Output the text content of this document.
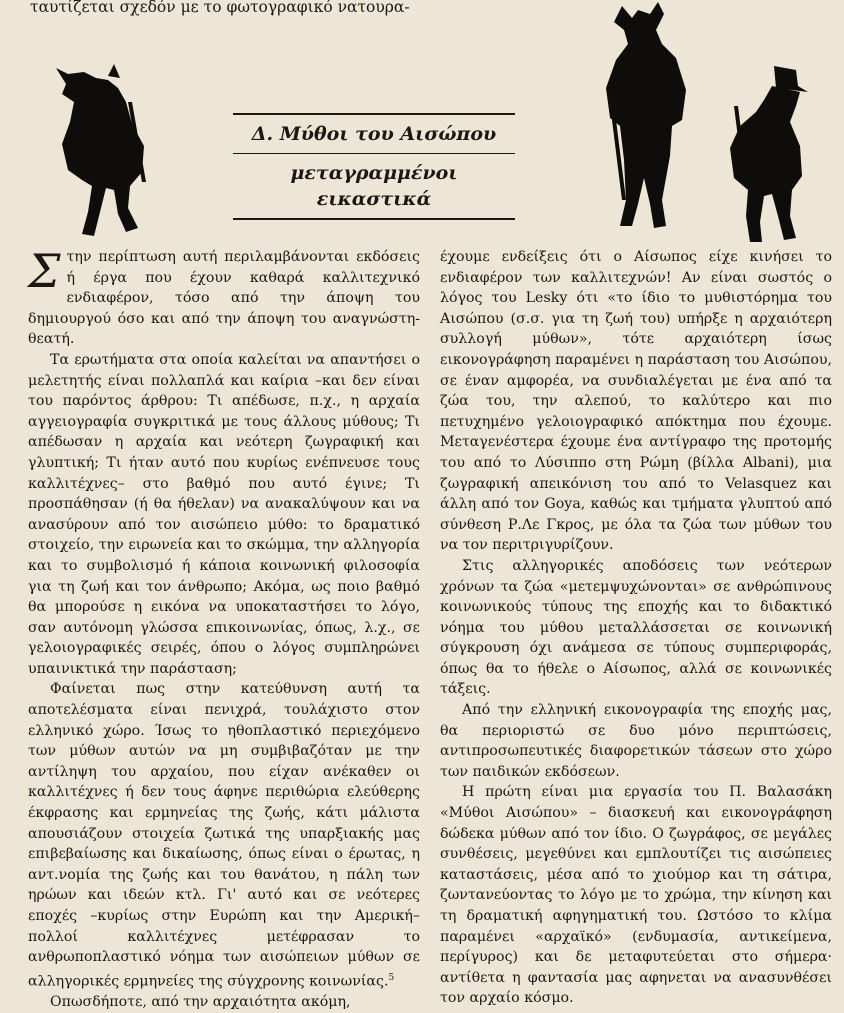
ταυτίζεται σχεδόν με το φωτογραφικό νατουρα-
Δ. Μύθοι του Αισώπου
μεταγραμμένοι εικαστικά

Στην περίπτωση αυτή περιλαμβάνονται εκδόσεις ή έργα που έχουν καθαρά καλλιτεχνικό ενδιαφέρον, τόσο από την άποψη του δημιουργού όσο και από την άποψη του αναγνώστη-θεατή.

Τα ερωτήματα στα οποία καλείται να απαντήσει ο μελετητής είναι πολλαπλά και καίρια –και δεν είναι του παρόντος άρθρου: Τι απέδωσε, π.χ., η αρχαία αγγειογραφία συγκριτικά με τους άλλους μύθους; Τι απέδωσαν η αρχαία και νεότερη ζωγραφική και γλυπτική; Τι ήταν αυτό που κυρίως ενέπνευσε τους καλλιτέχνες– στο βαθμό που αυτό έγινε; Τι προσπάθησαν (ή θα ήθελαν) να ανακαλύψουν και να ανασύρουν από τον αισώπειο μύθο: το δραματικό στοιχείο, την ειρωνεία και το σκώμμα, την αλληγορία και το συμβολισμό ή κάποια κοινωνική φιλοσοφία για τη ζωή και τον άνθρωπο; Ακόμα, ως ποιο βαθμό θα μπορούσε η εικόνα να υποκαταστήσει το λόγο, σαν αυτόνομη γλώσσα επικοινωνίας, όπως, λ.χ., σε γελοιογραφικές σειρές, όπου ο λόγος συμπληρώνει υπαινικτικά την παράσταση;

Φαίνεται πως στην κατεύθυνση αυτή τα αποτελέσματα είναι πενιχρά, τουλάχιστο στον ελληνικό χώρο. Ίσως το ηθοπλαστικό περιεχόμενο των μύθων αυτών να μη συμβιβαζόταν με την αντίληψη του αρχαίου, που είχαν ανέκαθεν οι καλλιτέχνες ή δεν τους άφηνε περιθώρια ελεύθερης έκφρασης και ερμηνείας της ζωής, κάτι μάλιστα απουσιάζουν στοιχεία ζωτικά της υπαρξιακής μας επιβεβαίωσης και δικαίωσης, όπως είναι ο έρωτας, η αντ.νομία της ζωής και του θανάτου, η πάλη των ηρώων και ιδεών κτλ. Γι' αυτό και σε νεότερες εποχές –κυρίως στην Ευρώπη και την Αμερική– πολλοί καλλιτέχνες μετέφρασαν το ανθρωποπλαστικό νόημα των αισώπειων μύθων σε αλληγορικές ερμηνείες της σύγχρονης κοινωνίας.$^5$

Οπωσδήποτε, από την αρχαιότητα ακόμη,

έχουμε ενδείξεις ότι ο Αίσωπος είχε κινήσει το ενδιαφέρον των καλλιτεχνών! Αν είναι σωστός ο λόγος του Lesky ότι «το ίδιο το μυθιστόρημα του Αισώπου (σ.σ. για τη ζωή του) υπήρξε η αρχαιότερη συλλογή μύθων», τότε αρχαιότερη ίσως εικονογράφηση παραμένει η παράσταση του Αισώπου, σε έναν αμφορέα, να συνδιαλέγεται με ένα από τα ζώα του, την αλεπού, το καλύτερο και πιο πετυχημένο γελοιογραφικό απόκτημα που έχουμε. Μεταγενέστερα έχουμε ένα αντίγραφο της προτομής του από το Λύσιππο στη Ρώμη (βίλλα Albani), μια ζωγραφική απεικόνιση του από το Velasquez και άλλη από τον Goya, καθώς και τμήματα γλυπτού από σύνθεση Ρ.Λε Γκρος, με όλα τα ζώα των μύθων του να τον περιτριγυρίζουν.

Στις αλληγορικές αποδόσεις των νεότερων χρόνων τα ζώα «μετεμψυχώνονται» σε ανθρώπινους κοινωνικούς τύπους της εποχής και το διδακτικό νόημα του μύθου μεταλλάσσεται σε κοινωνική σύγκρουση όχι ανάμεσα σε τύπους συμπεριφοράς, όπως θα το ήθελε ο Αίσωπος, αλλά σε κοινωνικές τάξεις.

Από την ελληνική εικονογραφία της εποχής μας, θα περιοριστώ σε δυο μόνο περιπτώσεις, αντιπροσωπευτικές διαφορετικών τάσεων στο χώρο των παιδικών εκδόσεων.

Η πρώτη είναι μια εργασία του Π. Βαλασάκη «Μύθοι Αισώπου» – διασκευή και εικονογράφηση δώδεκα μύθων από τον ίδιο. Ο ζωγράφος, σε μεγάλες συνθέσεις, μεγεθύνει και εμπλουτίζει τις αισώπειες καταστάσεις, μέσα από το χιούμορ και τη σάτιρα, ζωντανεύοντας το λόγο με το χρώμα, την κίνηση και τη δραματική αφηγηματική του. Ωστόσο το κλίμα παραμένει «αρχαϊκό» (ενδυμασία, αντικείμενα, περίγυρος) και δε μεταφυτεύεται στο σήμερα· αντίθετα η φαντασία μας αφηνεται να ανασυνθέσει τον αρχαίο κόσμο.
